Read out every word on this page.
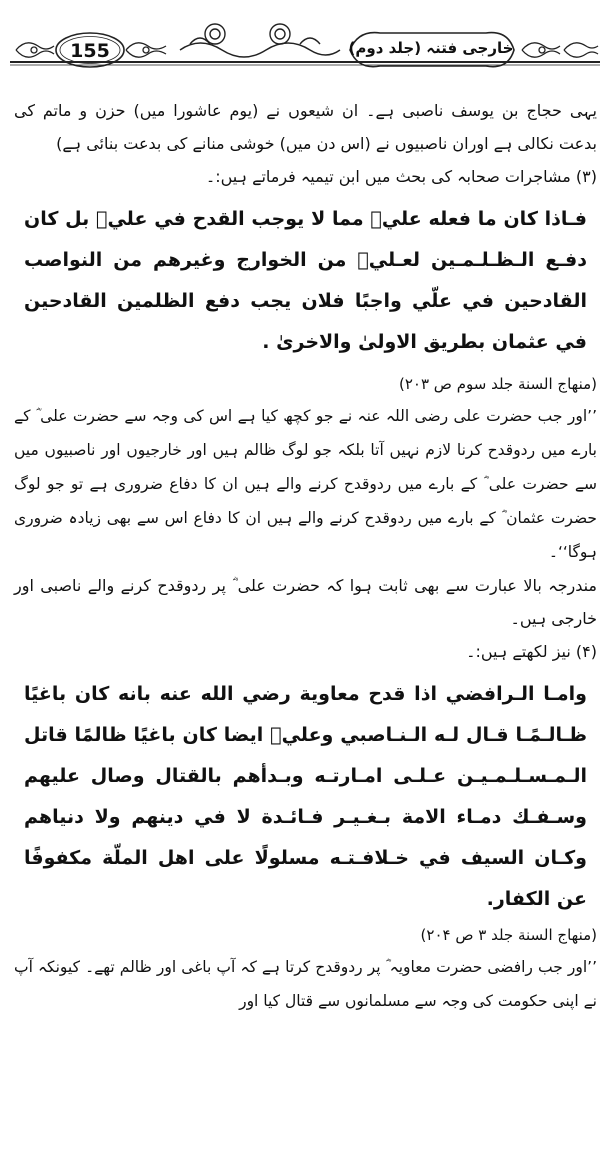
155	خارجی فتنہ (جلد دوم)

یہی حجاج بن یوسف ناصبی ہے۔ ان شیعوں نے (یوم عاشورا میں) حزن و ماتم کی بدعت نکالی ہے اوران ناصبیوں نے (اس دن میں) خوشی منانے کی بدعت بنائی ہے)

(۳) مشاجرات صحابہ کی بحث میں ابن تیمیہ فرماتے ہیں:۔

فـاذا كان ما فعله عليؓ مما لا يوجب القدح في عليؓ بل كان دفـع الـظـلـمـين لعـليؓ من الخوارج وغيرهم من النواصب القادحين في علّي واجبًا فلان يجب دفع الظلمين القادحين في عثمان بطريق الاولیٰ والاخریٰ .

(منهاج السنة جلد سوم ص ۲۰۳)

’’اور جب حضرت علی رضی اللہ عنہ نے جو کچھ کیا ہے اس کی وجہ سے حضرت علی ؓ کے بارے میں ردوقدح کرنا لازم نہیں آتا بلکہ جو لوگ ظالم ہیں اور خارجیوں اور ناصبیوں میں سے حضرت علی ؓ کے بارے میں ردوقدح کرنے والے ہیں ان کا دفاع ضروری ہے تو جو لوگ حضرت عثمان ؓ کے بارے میں ردوقدح کرنے والے ہیں ان کا دفاع اس سے بھی زیادہ ضروری ہوگا‘‘۔

مندرجہ بالا عبارت سے بھی ثابت ہوا کہ حضرت علی ؓ پر ردوقدح کرنے والے ناصبی اور خارجی ہیں۔

(۴) نیز لکھتے ہیں:۔

وامـا الـرافضي اذا قدح معاوية رضي الله عنه بانه كان باغيًا ظـالـمًـا قـال لـه الـنـاصبي وعليؓ ايضا كان باغيًا ظالمًا قاتل الـمـسـلـمـيـن عـلـى امـارتـه وبـدأهم بالقتال وصال عليهم وسـفـك دمـاء الامة بـغـيـر فـائـدة لا في دينهم ولا دنياهم وكـان السيف في خـلافـتـه مسلولًا على اهل الملّة مكفوفًا عن الكفار.

(منهاج السنة جلد ۳ ص ۲۰۴)

’’اور جب رافضی حضرت معاویہ ؓ پر ردوقدح کرتا ہے کہ آپ باغی اور ظالم تھے۔ کیونکہ آپ نے اپنی حکومت کی وجہ سے مسلمانوں سے قتال کیا اور
